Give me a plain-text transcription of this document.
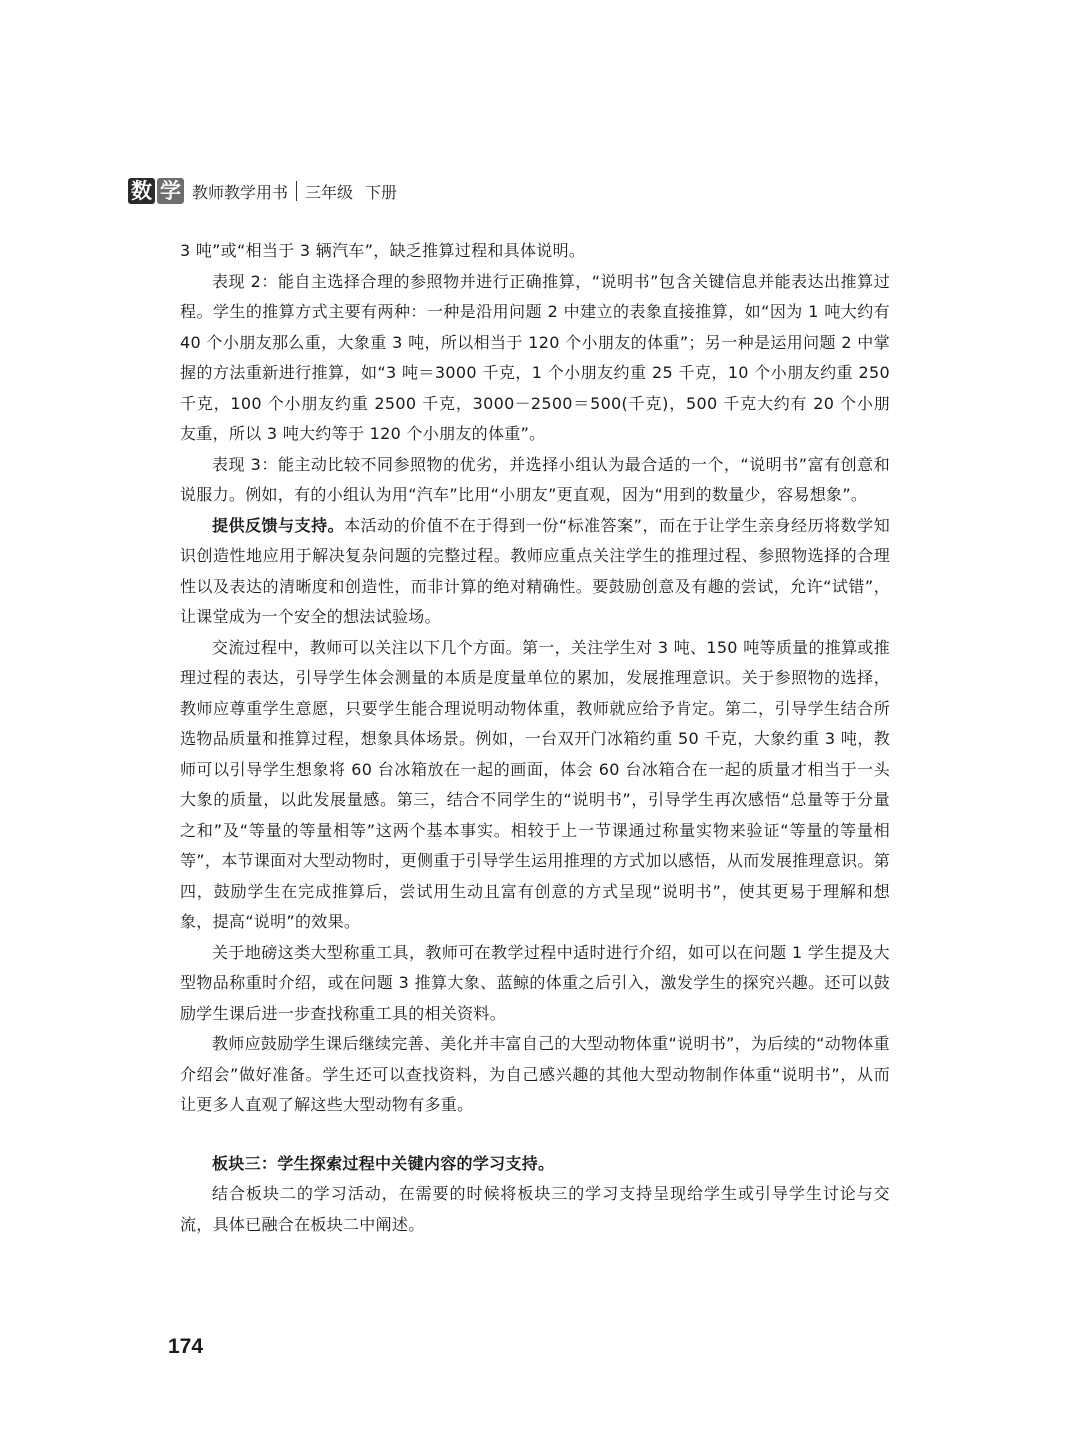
数 学 教师教学用书 三年级 下册

3 吨”或“相当于 3 辆汽车”，缺乏推算过程和具体说明。

表现 2：能自主选择合理的参照物并进行正确推算，“说明书”包含关键信息并能表达出推算过程。学生的推算方式主要有两种：一种是沿用问题 2 中建立的表象直接推算，如“因为 1 吨大约有 40 个小朋友那么重，大象重 3 吨，所以相当于 120 个小朋友的体重”；另一种是运用问题 2 中掌握的方法重新进行推算，如“3 吨＝3000 千克，1 个小朋友约重 25 千克，10 个小朋友约重 250 千克，100 个小朋友约重 2500 千克，3000－2500＝500(千克)，500 千克大约有 20 个小朋友重，所以 3 吨大约等于 120 个小朋友的体重”。

表现 3：能主动比较不同参照物的优劣，并选择小组认为最合适的一个，“说明书”富有创意和说服力。例如，有的小组认为用“汽车”比用“小朋友”更直观，因为“用到的数量少，容易想象”。

提供反馈与支持。本活动的价值不在于得到一份“标准答案”，而在于让学生亲身经历将数学知识创造性地应用于解决复杂问题的完整过程。教师应重点关注学生的推理过程、参照物选择的合理性以及表达的清晰度和创造性，而非计算的绝对精确性。要鼓励创意及有趣的尝试，允许“试错”，让课堂成为一个安全的想法试验场。

交流过程中，教师可以关注以下几个方面。第一，关注学生对 3 吨、150 吨等质量的推算或推理过程的表达，引导学生体会测量的本质是度量单位的累加，发展推理意识。关于参照物的选择，教师应尊重学生意愿，只要学生能合理说明动物体重，教师就应给予肯定。第二，引导学生结合所选物品质量和推算过程，想象具体场景。例如，一台双开门冰箱约重 50 千克，大象约重 3 吨，教师可以引导学生想象将 60 台冰箱放在一起的画面，体会 60 台冰箱合在一起的质量才相当于一头大象的质量，以此发展量感。第三，结合不同学生的“说明书”，引导学生再次感悟“总量等于分量之和”及“等量的等量相等”这两个基本事实。相较于上一节课通过称量实物来验证“等量的等量相等”，本节课面对大型动物时，更侧重于引导学生运用推理的方式加以感悟，从而发展推理意识。第四，鼓励学生在完成推算后，尝试用生动且富有创意的方式呈现“说明书”，使其更易于理解和想象，提高“说明”的效果。

关于地磅这类大型称重工具，教师可在教学过程中适时进行介绍，如可以在问题 1 学生提及大型物品称重时介绍，或在问题 3 推算大象、蓝鲸的体重之后引入，激发学生的探究兴趣。还可以鼓励学生课后进一步查找称重工具的相关资料。

教师应鼓励学生课后继续完善、美化并丰富自己的大型动物体重“说明书”，为后续的“动物体重介绍会”做好准备。学生还可以查找资料，为自己感兴趣的其他大型动物制作体重“说明书”，从而让更多人直观了解这些大型动物有多重。

板块三：学生探索过程中关键内容的学习支持。

结合板块二的学习活动，在需要的时候将板块三的学习支持呈现给学生或引导学生讨论与交流，具体已融合在板块二中阐述。

174
